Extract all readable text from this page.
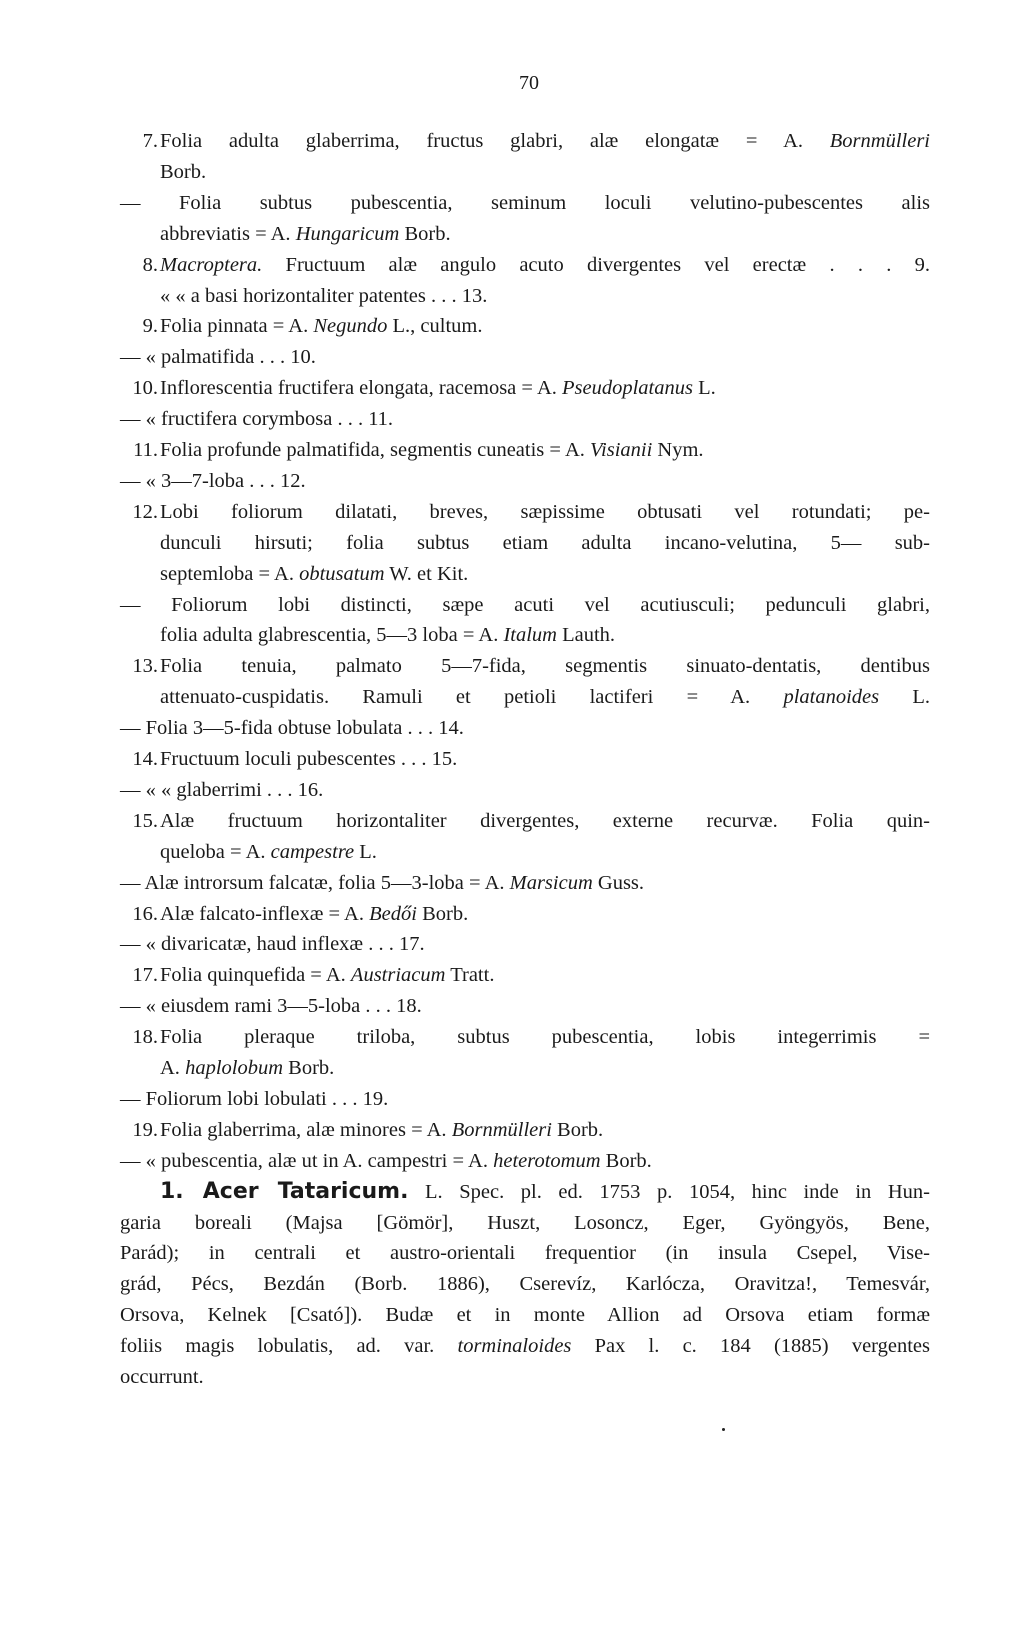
70
7. Folia adulta glaberrima, fructus glabri, alæ elongatæ = A. Bornmülleri
Borb.
— Folia subtus pubescentia, seminum loculi velutino-pubescentes alis
abbreviatis = A. Hungaricum Borb.
8. Macroptera. Fructuum alæ angulo acuto divergentes vel erectæ . . . 9.
« « a basi horizontaliter patentes . . . 13.
9. Folia pinnata = A. Negundo L., cultum.
— « palmatifida . . . 10.
10. Inflorescentia fructifera elongata, racemosa = A. Pseudoplatanus L.
— « fructifera corymbosa . . . 11.
11. Folia profunde palmatifida, segmentis cuneatis = A. Visianii Nym.
— « 3—7-loba . . . 12.
12. Lobi foliorum dilatati, breves, sæpissime obtusati vel rotundati; pe-
dunculi hirsuti; folia subtus etiam adulta incano-velutina, 5— sub-
septemloba = A. obtusatum W. et Kit.
— Foliorum lobi distincti, sæpe acuti vel acutiusculi; pedunculi glabri,
folia adulta glabrescentia, 5—3 loba = A. Italum Lauth.
13. Folia tenuia, palmato 5—7-fida, segmentis sinuato-dentatis, dentibus
attenuato-cuspidatis. Ramuli et petioli lactiferi = A. platanoides L.
— Folia 3—5-fida obtuse lobulata . . . 14.
14. Fructuum loculi pubescentes . . . 15.
— « « glaberrimi . . . 16.
15. Alæ fructuum horizontaliter divergentes, externe recurvæ. Folia quin-
queloba = A. campestre L.
— Alæ introrsum falcatæ, folia 5—3-loba = A. Marsicum Guss.
16. Alæ falcato-inflexæ = A. Bedői Borb.
— « divaricatæ, haud inflexæ . . . 17.
17. Folia quinquefida = A. Austriacum Tratt.
— « eiusdem rami 3—5-loba . . . 18.
18. Folia pleraque triloba, subtus pubescentia, lobis integerrimis =
A. haplolobum Borb.
— Foliorum lobi lobulati . . . 19.
19. Folia glaberrima, alæ minores = A. Bornmülleri Borb.
— « pubescentia, alæ ut in A. campestri = A. heterotomum Borb.
1. Acer Tataricum. L. Spec. pl. ed. 1753 p. 1054, hinc inde in Hun-
garia boreali (Majsa [Gömör], Huszt, Losoncz, Eger, Gyöngyös, Bene,
Parád); in centrali et austro-orientali frequentior (in insula Csepel, Vise-
grád, Pécs, Bezdán (Borb. 1886), Cserevíz, Karlócza, Oravitza!, Temesvár,
Orsova, Kelnek [Csató]). Budæ et in monte Allion ad Orsova etiam formæ
foliis magis lobulatis, ad. var. torminaloides Pax l. c. 184 (1885) vergentes
occurrunt.
